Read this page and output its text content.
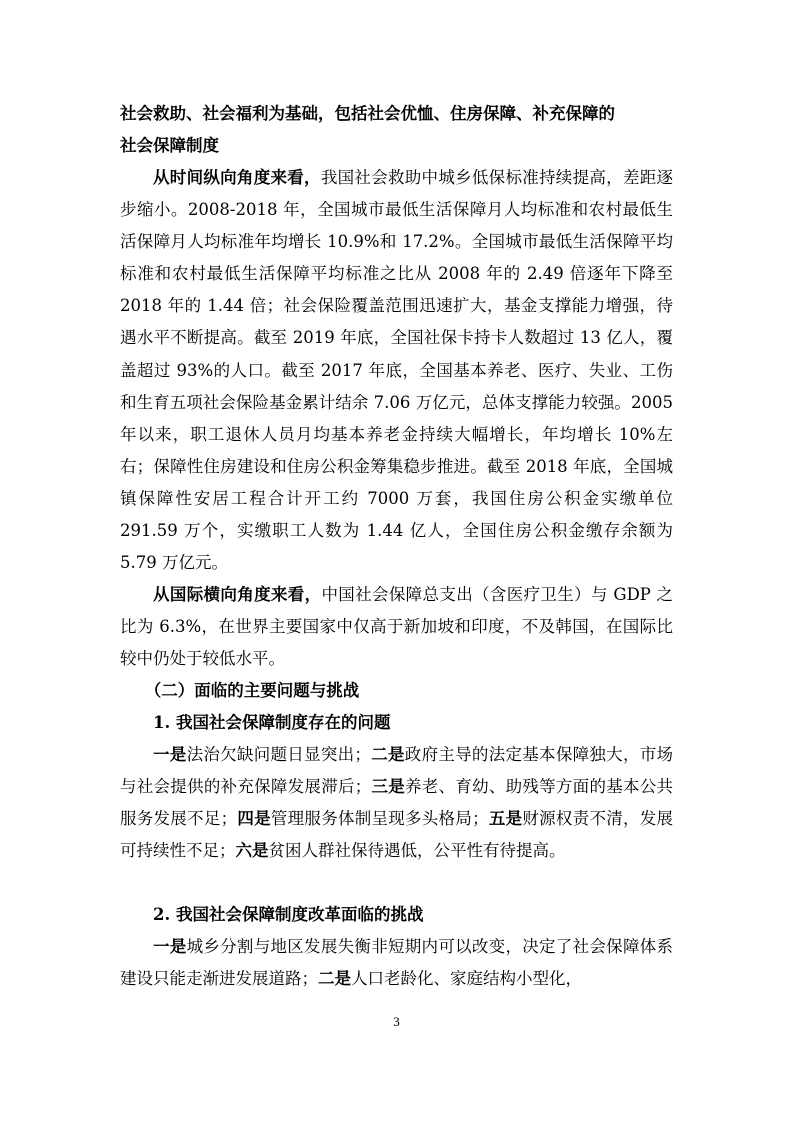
社会救助、社会福利为基础，包括社会优恤、住房保障、补充保障的

社会保障制度

从时间纵向角度来看，我国社会救助中城乡低保标准持续提高，差距逐步缩小。2008-2018 年，全国城市最低生活保障月人均标准和农村最低生活保障月人均标准年均增长 10.9%和 17.2%。全国城市最低生活保障平均标准和农村最低生活保障平均标准之比从 2008 年的 2.49 倍逐年下降至 2018 年的 1.44 倍；社会保险覆盖范围迅速扩大，基金支撑能力增强，待遇水平不断提高。截至 2019 年底，全国社保卡持卡人数超过 13 亿人，覆盖超过 93%的人口。截至 2017 年底，全国基本养老、医疗、失业、工伤和生育五项社会保险基金累计结余 7.06 万亿元，总体支撑能力较强。2005 年以来，职工退休人员月均基本养老金持续大幅增长，年均增长 10%左右；保障性住房建设和住房公积金筹集稳步推进。截至 2018 年底，全国城镇保障性安居工程合计开工约 7000 万套，我国住房公积金实缴单位 291.59 万个，实缴职工人数为 1.44 亿人，全国住房公积金缴存余额为 5.79 万亿元。

从国际横向角度来看，中国社会保障总支出（含医疗卫生）与 GDP 之比为 6.3%，在世界主要国家中仅高于新加坡和印度，不及韩国，在国际比较中仍处于较低水平。

（二）面临的主要问题与挑战

1. 我国社会保障制度存在的问题

一是法治欠缺问题日显突出；二是政府主导的法定基本保障独大，市场与社会提供的补充保障发展滞后；三是养老、育幼、助残等方面的基本公共服务发展不足；四是管理服务体制呈现多头格局；五是财源权责不清，发展可持续性不足；六是贫困人群社保待遇低，公平性有待提高。

2. 我国社会保障制度改革面临的挑战

一是城乡分割与地区发展失衡非短期内可以改变，决定了社会保障体系建设只能走渐进发展道路；二是人口老龄化、家庭结构小型化，

3
